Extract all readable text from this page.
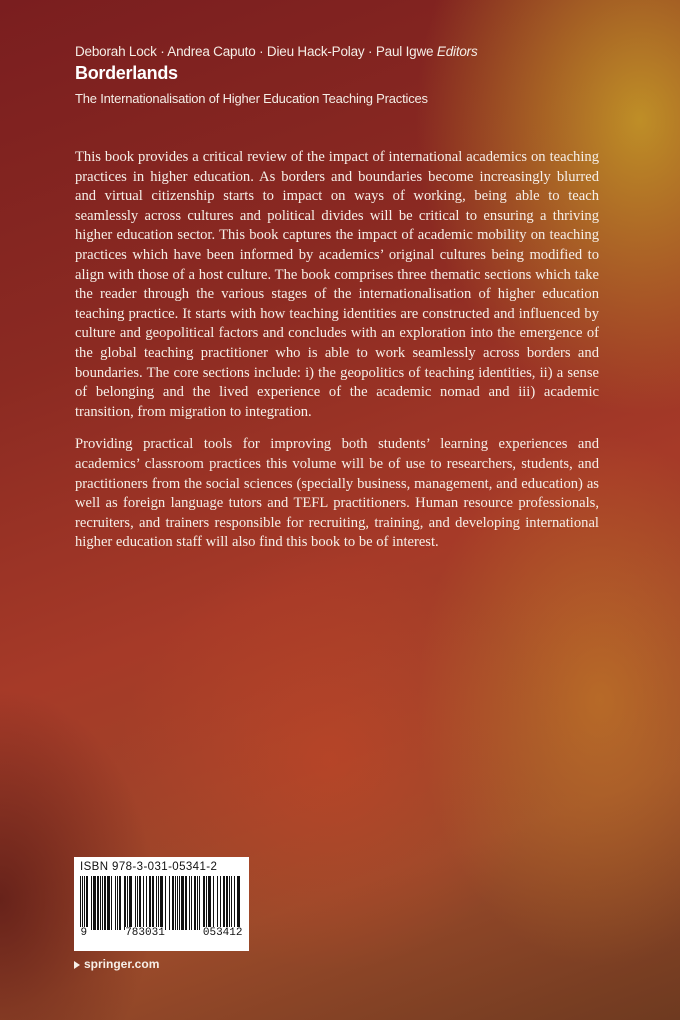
Deborah Lock · Andrea Caputo · Dieu Hack-Polay · Paul Igwe Editors
Borderlands
The Internationalisation of Higher Education Teaching Practices

This book provides a critical review of the impact of international academics on teaching practices in higher education. As borders and boundaries become increasingly blurred and virtual citizenship starts to impact on ways of working, being able to teach seamlessly across cultures and political divides will be critical to ensuring a thriving higher education sector. This book captures the impact of academic mobility on teaching practices which have been informed by academics’ original cultures being modified to align with those of a host culture. The book comprises three thematic sections which take the reader through the various stages of the internationalisation of higher education teaching practice. It starts with how teaching identities are constructed and influenced by culture and geopolitical factors and concludes with an exploration into the emergence of the global teaching practitioner who is able to work seamlessly across borders and boundaries. The core sections include: i) the geopolitics of teaching identities, ii) a sense of belonging and the lived experience of the academic nomad and iii) academic transition, from migration to integration.

Providing practical tools for improving both students’ learning experiences and academics’ classroom practices this volume will be of use to researchers, students, and practitioners from the social sciences (specially business, management, and education) as well as foreign language tutors and TEFL practitioners. Human resource professionals, recruiters, and trainers responsible for recruiting, training, and developing international higher education staff will also find this book to be of interest.

ISBN 978-3-031-05341-2
9	783031	053412
springer.com
